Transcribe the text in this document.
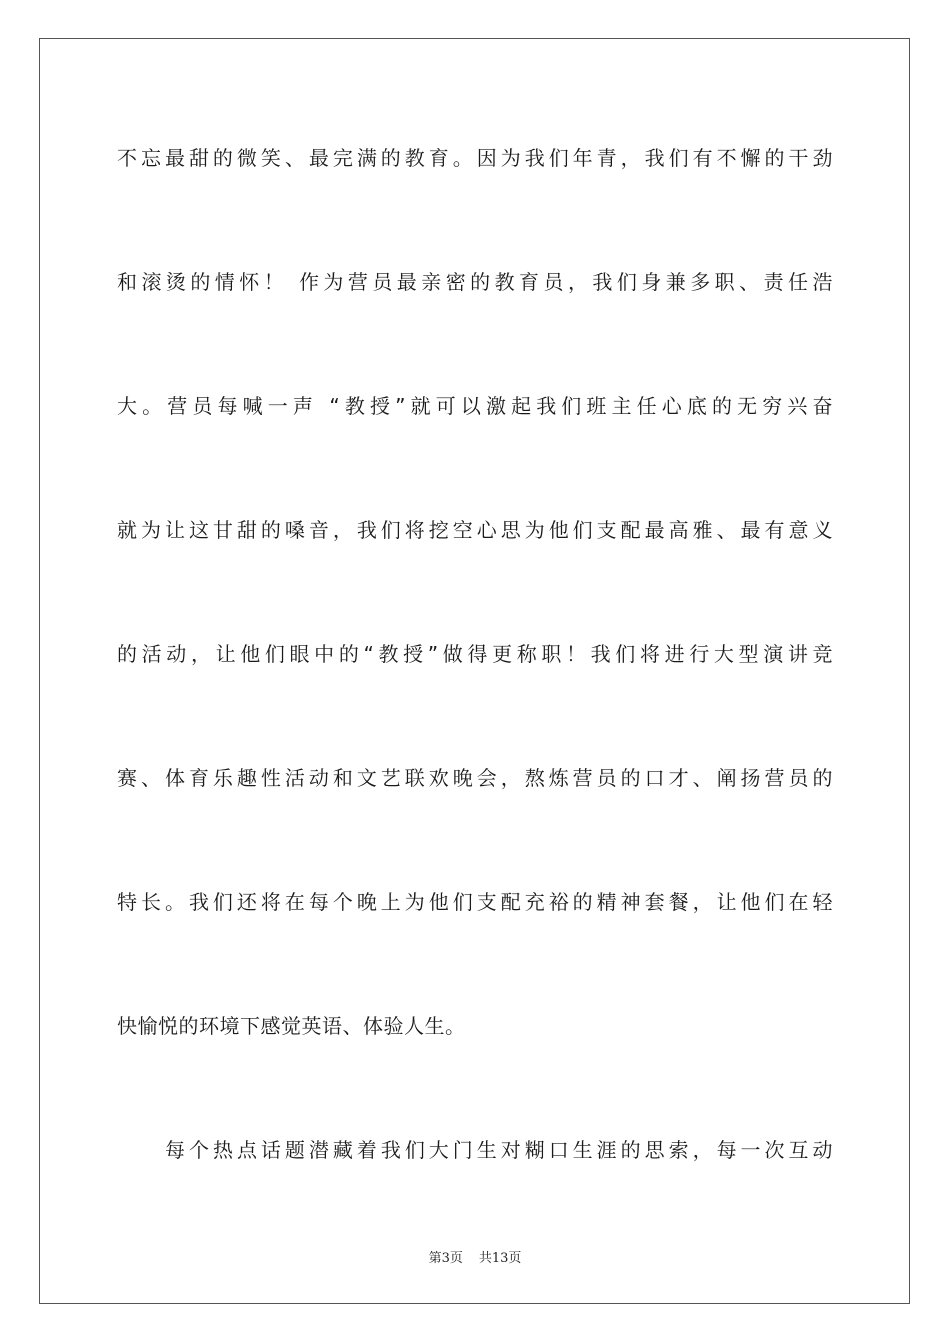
不忘最甜的微笑、最完满的教育。因为我们年青，我们有不懈的干劲
和滚烫的情怀！ 作为营员最亲密的教育员，我们身兼多职、责任浩
大。营员每喊一声 “教授”就可以激起我们班主任心底的无穷兴奋
就为让这甘甜的嗓音，我们将挖空心思为他们支配最高雅、最有意义
的活动，让他们眼中的“教授”做得更称职！我们将进行大型演讲竞
赛、体育乐趣性活动和文艺联欢晚会，熬炼营员的口才、阐扬营员的
特长。我们还将在每个晚上为他们支配充裕的精神套餐，让他们在轻
快愉悦的环境下感觉英语、体验人生。
每个热点话题潜藏着我们大门生对糊口生涯的思索，每一次互动
第3页 共13页
